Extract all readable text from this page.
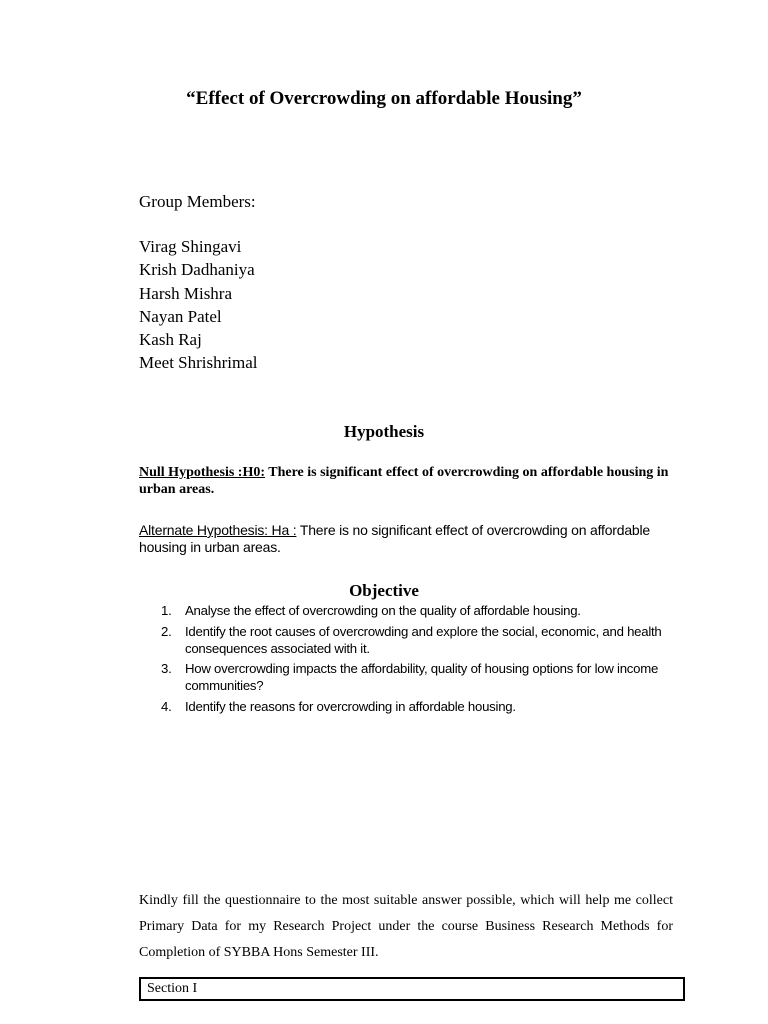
“Effect of Overcrowding on affordable Housing”
Group Members:
Virag Shingavi
Krish Dadhaniya
Harsh Mishra
Nayan Patel
Kash Raj
Meet Shrishrimal
Hypothesis
Null Hypothesis :H0: There is significant effect of overcrowding on affordable housing in urban areas.
Alternate Hypothesis: Ha : There is no significant effect of overcrowding on affordable housing in urban areas.
Objective
1. Analyse the effect of overcrowding on the quality of affordable housing.
2. Identify the root causes of overcrowding and explore the social, economic, and health consequences associated with it.
3. How overcrowding impacts the affordability, quality of housing options for low income communities?
4. Identify the reasons for overcrowding in affordable housing.
Kindly fill the questionnaire to the most suitable answer possible, which will help me collect Primary Data for my Research Project under the course Business Research Methods for Completion of SYBBA Hons Semester III.
Section I
